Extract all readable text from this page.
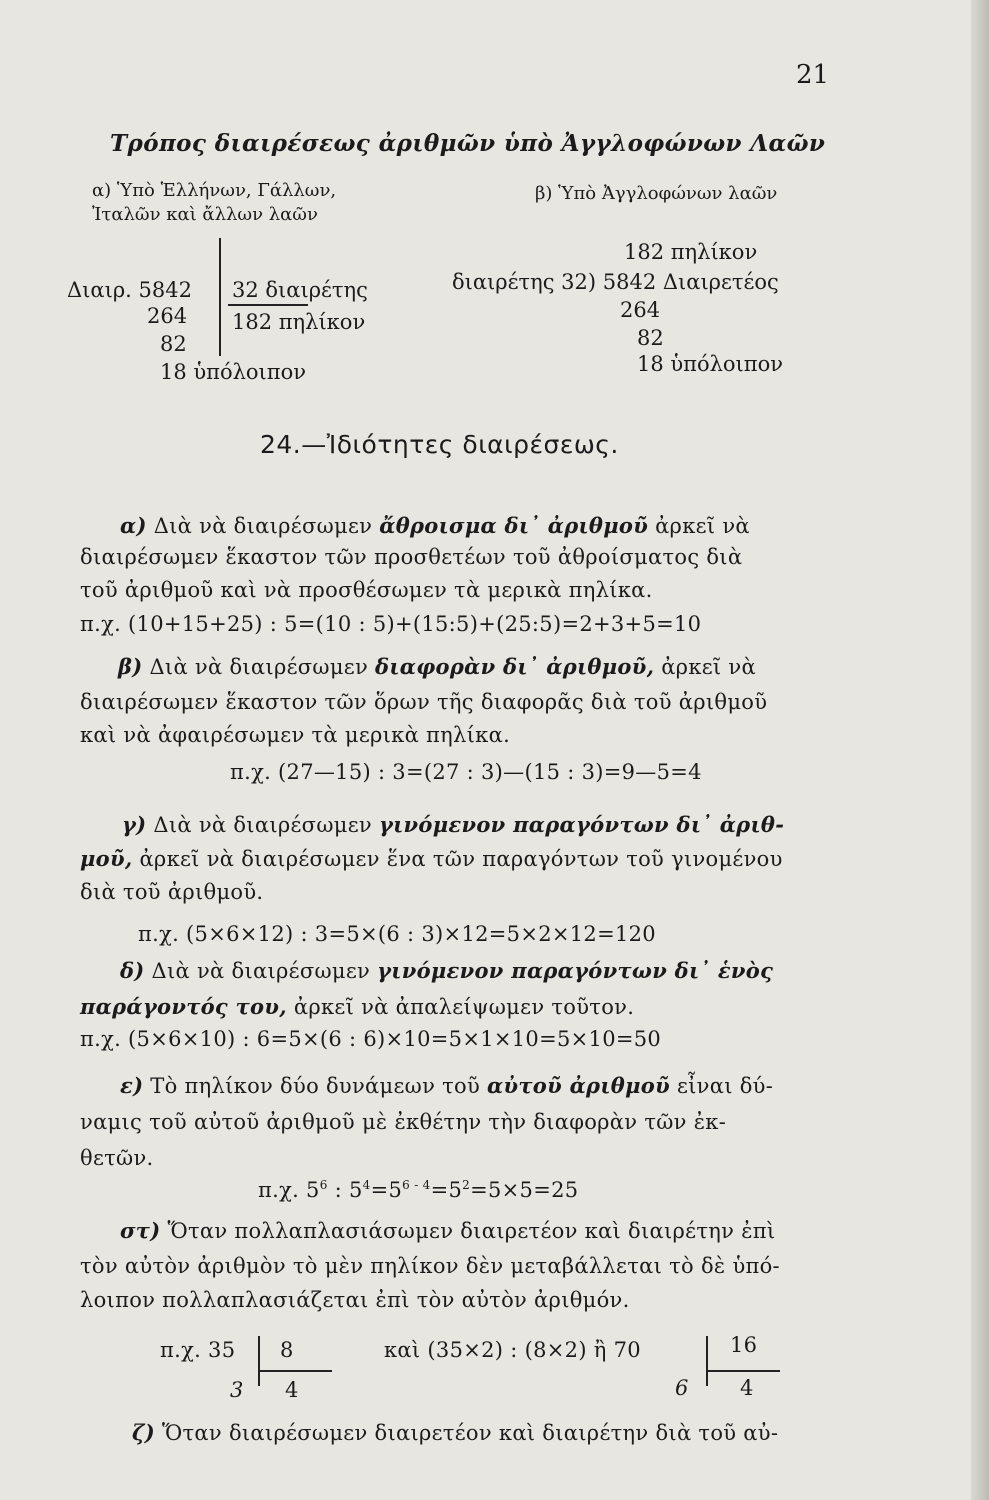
21
Τρόπος διαιρέσεως ἀριθμῶν ὑπὸ Ἀγγλοφώνων Λαῶν
α) Ὑπὸ Ἑλλήνων, Γάλλων,
Ἰταλῶν καὶ ἄλλων λαῶν
Διαιρ. 5842 32 διαιρέτης
264 182 πηλίκον
82
18 ὑπόλοιπον
β) Ὑπὸ Ἀγγλοφώνων λαῶν
182 πηλίκον
διαιρέτης 32) 5842 Διαιρετέος
264
82
18 ὑπόλοιπον
24.—Ἰδιότητες διαιρέσεως.
α) Διὰ νὰ διαιρέσωμεν ἄθροισμα δι᾽ ἀριθμοῦ ἀρκεῖ νὰ
διαιρέσωμεν ἕκαστον τῶν προσθετέων τοῦ ἀθροίσματος διὰ
τοῦ ἀριθμοῦ καὶ νὰ προσθέσωμεν τὰ μερικὰ πηλίκα.
π.χ. (10+15+25) : 5=(10 : 5)+(15:5)+(25:5)=2+3+5=10
β) Διὰ νὰ διαιρέσωμεν διαφορὰν δι᾽ ἀριθμοῦ, ἀρκεῖ νὰ
διαιρέσωμεν ἕκαστον τῶν ὅρων τῆς διαφορᾶς διὰ τοῦ ἀριθμοῦ
καὶ νὰ ἀφαιρέσωμεν τὰ μερικὰ πηλίκα.
π.χ. (27—15) : 3=(27 : 3)—(15 : 3)=9—5=4
γ) Διὰ νὰ διαιρέσωμεν γινόμενον παραγόντων δι᾽ ἀριθ-
μοῦ, ἀρκεῖ νὰ διαιρέσωμεν ἕνα τῶν παραγόντων τοῦ γινομένου
διὰ τοῦ ἀριθμοῦ.
π.χ. (5×6×12) : 3=5×(6 : 3)×12=5×2×12=120
δ) Διὰ νὰ διαιρέσωμεν γινόμενον παραγόντων δι᾽ ἑνὸς
παράγοντός του, ἀρκεῖ νὰ ἀπαλείψωμεν τοῦτον.
π.χ. (5×6×10) : 6=5×(6 : 6)×10=5×1×10=5×10=50
ε) Τὸ πηλίκον δύο δυνάμεων τοῦ αὐτοῦ ἀριθμοῦ εἶναι δύ-
ναμις τοῦ αὐτοῦ ἀριθμοῦ μὲ ἐκθέτην τὴν διαφορὰν τῶν ἐκ-
θετῶν.
π.χ. $5^6$ : $5^4=5^{6 - 4}=5^2=5\times 5=25$
στ) Ὅταν πολλαπλασιάσωμεν διαιρετέον καὶ διαιρέτην ἐπὶ
τὸν αὐτὸν ἀριθμὸν τὸ μὲν πηλίκον δὲν μεταβάλλεται τὸ δὲ ὑπό-
λοιπον πολλαπλασιάζεται ἐπὶ τὸν αὐτὸν ἀριθμόν.
π.χ. 35 8
3 4
καὶ (35×2) : (8×2) ἢ 70	16
6 4
ζ) Ὅταν διαιρέσωμεν διαιρετέον καὶ διαιρέτην διὰ τοῦ αὐ-
